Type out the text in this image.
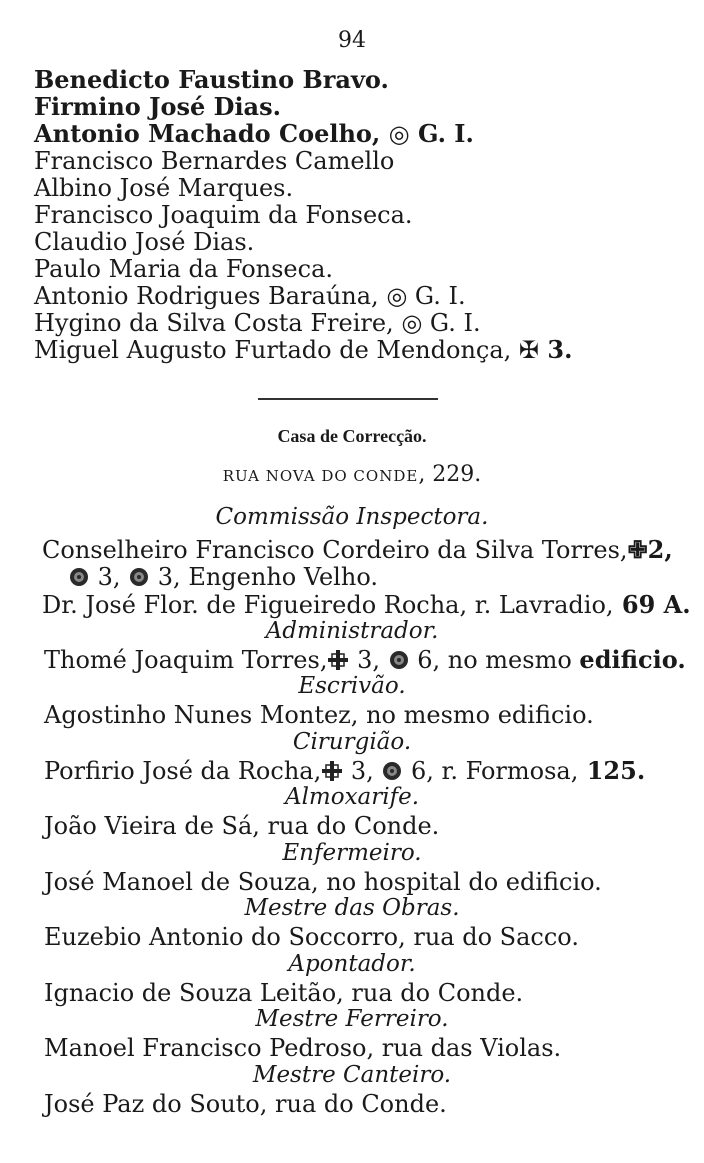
94
Benedicto Faustino Bravo.
Firmino José Dias.
Antonio Machado Coelho, ◎ G. I.
Francisco Bernardes Camello
Albino José Marques.
Francisco Joaquim da Fonseca.
Claudio José Dias.
Paulo Maria da Fonseca.
Antonio Rodrigues Baraúna, ◎ G. I.
Hygino da Silva Costa Freire, ◎ G. I.
Miguel Augusto Furtado de Mendonça, ✠ 3.
Casa de Correcção.
RUA NOVA DO CONDE, 229.
Commissão Inspectora.
Conselheiro Francisco Cordeiro da Silva Torres,✙2,
3,
3, Engenho Velho.
Dr. José Flor. de Figueiredo Rocha, r. Lavradio, 69 A.
Administrador.
Thomé Joaquim Torres,
3,
6, no mesmo edificio.
Escrivão.
Agostinho Nunes Montez, no mesmo edificio.
Cirurgião.
Porfirio José da Rocha,
3,
6, r. Formosa, 125.
Almoxarife.
João Vieira de Sá, rua do Conde.
Enfermeiro.
José Manoel de Souza, no hospital do edificio.
Mestre das Obras.
Euzebio Antonio do Soccorro, rua do Sacco.
Apontador.
Ignacio de Souza Leitão, rua do Conde.
Mestre Ferreiro.
Manoel Francisco Pedroso, rua das Violas.
Mestre Canteiro.
José Paz do Souto, rua do Conde.
